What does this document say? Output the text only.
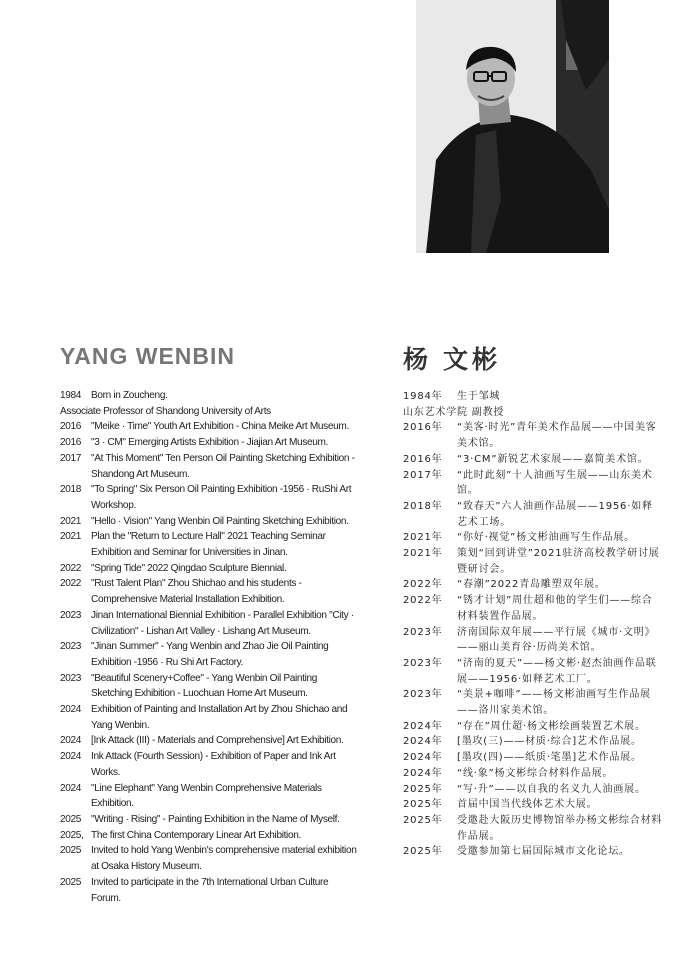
YANG WENBIN	杨 文彬
1984 Born in Zoucheng.
Associate Professor of Shandong University of Arts
2016 "Meike · Time" Youth Art Exhibition - China Meike Art Museum.
2016 "3 · CM" Emerging Artists Exhibition - Jiajian Art Museum.
2017 "At This Moment" Ten Person Oil Painting Sketching Exhibition - Shandong Art Museum.
2018 "To Spring" Six Person Oil Painting Exhibition -1956 · RuShi Art Workshop.
2021 "Hello · Vision" Yang Wenbin Oil Painting Sketching Exhibition.
2021 Plan the "Return to Lecture Hall" 2021 Teaching Seminar Exhibition and Seminar for Universities in Jinan.
2022 "Spring Tide" 2022 Qingdao Sculpture Biennial.
2022 "Rust Talent Plan" Zhou Shichao and his students - Comprehensive Material Installation Exhibition.
2023 Jinan International Biennial Exhibition - Parallel Exhibition "City · Civilization" - Lishan Art Valley · Lishang Art Museum.
2023 "Jinan Summer" - Yang Wenbin and Zhao Jie Oil Painting Exhibition -1956 · Ru Shi Art Factory.
2023 "Beautiful Scenery+Coffee" - Yang Wenbin Oil Painting Sketching Exhibition - Luochuan Home Art Museum.
2024 Exhibition of Painting and Installation Art by Zhou Shichao and Yang Wenbin.
2024 [Ink Attack (III) - Materials and Comprehensive] Art Exhibition.
2024 Ink Attack (Fourth Session) - Exhibition of Paper and Ink Art Works.
2024 "Line Elephant" Yang Wenbin Comprehensive Materials Exhibition.
2025 "Writing · Rising" - Painting Exhibition in the Name of Myself.
2025, The first China Contemporary Linear Art Exhibition.
2025 Invited to hold Yang Wenbin's comprehensive material exhibition at Osaka History Museum.
2025 Invited to participate in the 7th International Urban Culture Forum.
1984年	生于邹城
山东艺术学院 副教授
2016年	“美客·时光”青年美术作品展——中国美客美术馆。
2016年	“3·CM”新锐艺术家展——嘉简美术馆。
2017年	“此时此刻”十人油画写生展——山东美术馆。
2018年	“致春天”六人油画作品展——1956·如释艺术工场。
2021年	“你好·视觉”杨文彬油画写生作品展。
2021年	策划“回到讲堂”2021驻济高校教学研讨展暨研讨会。
2022年	“春潮”2022青岛雕塑双年展。
2022年	“锈才计划”周仕超和他的学生们——综合材料装置作品展。
2023年	济南国际双年展——平行展《城市·文明》——丽山美育谷·历尚美术馆。
2023年	“济南的夏天”——杨文彬·赵杰油画作品联展——1956·如释艺术工厂。
2023年	“美景+咖啡”——杨文彬油画写生作品展——洛川家美术馆。
2024年	“存在”周仕超·杨文彬绘画装置艺术展。
2024年	[墨攻(三)——材质·综合]艺术作品展。
2024年	[墨攻(四)——纸质·笔墨]艺术作品展。
2024年	“线·象”杨文彬综合材料作品展。
2025年	“写·升”——以自我的名义九人油画展。
2025年	首届中国当代线体艺术大展。
2025年	受邀赴大阪历史博物馆举办杨文彬综合材料作品展。
2025年	受邀参加第七届国际城市文化论坛。
